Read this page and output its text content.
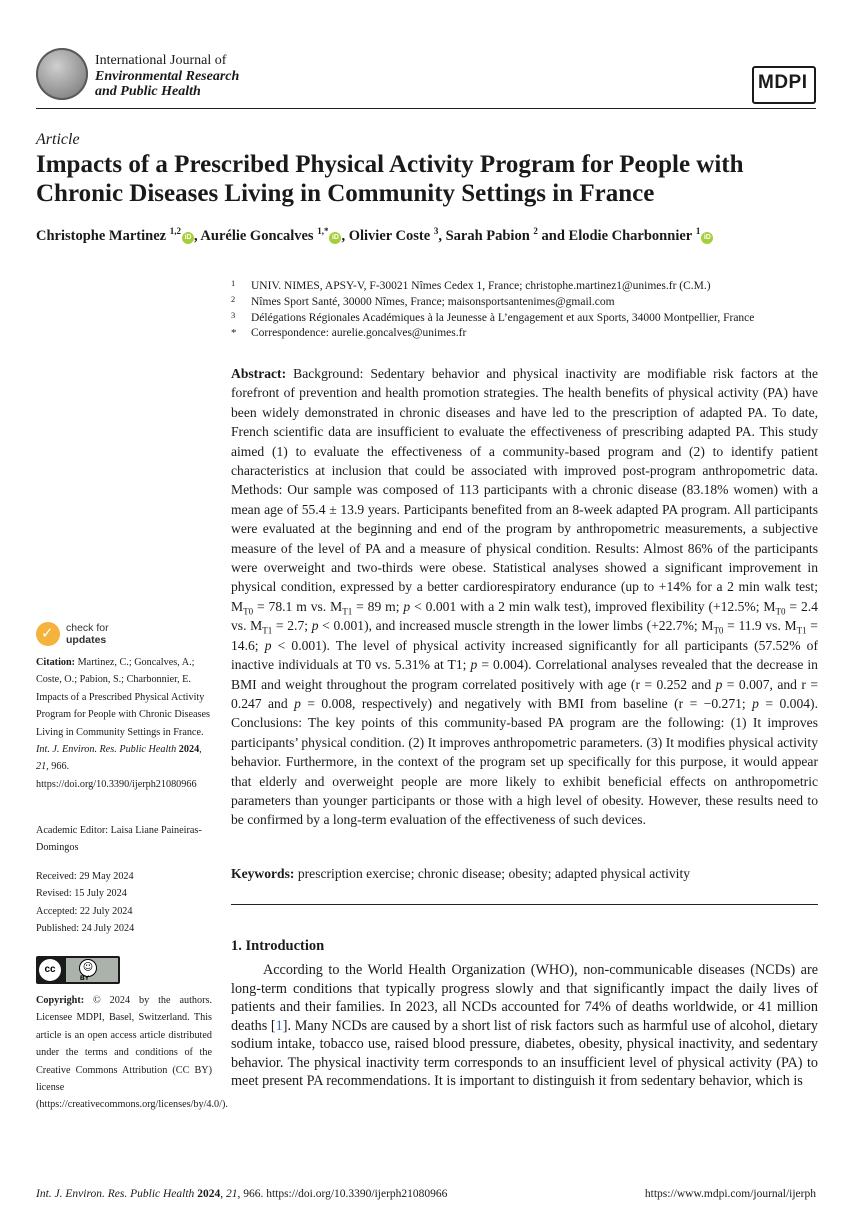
International Journal of
Environmental Research
and Public Health	MDPI
Article
Impacts of a Prescribed Physical Activity Program for People with Chronic Diseases Living in Community Settings in France
Christophe Martinez $^{1,2}$iD , Aurélie Goncalves $^{1,*}$iD , Olivier Coste $^3$, Sarah Pabion $^2$ and Elodie Charbonnier $^1$iD
1 UNIV. NIMES, APSY-V, F-30021 Nîmes Cedex 1, France; christophe.martinez1@unimes.fr (C.M.)
2 Nîmes Sport Santé, 30000 Nîmes, France; maisonsportsantenimes@gmail.com
3 Délégations Régionales Académiques à la Jeunesse à L’engagement et aux Sports, 34000 Montpellier, France
* Correspondence: aurelie.goncalves@unimes.fr

Abstract: Background: Sedentary behavior and physical inactivity are modifiable risk factors at the forefront of prevention and health promotion strategies. The health benefits of physical activity (PA) have been widely demonstrated in chronic diseases and have led to the prescription of adapted PA. To date, French scientific data are insufficient to evaluate the effectiveness of prescribing adapted PA. This study aimed (1) to evaluate the effectiveness of a community-based program and (2) to identify patient characteristics at inclusion that could be associated with improved post-program anthropometric data. Methods: Our sample was composed of 113 participants with a chronic disease (83.18% women) with a mean age of 55.4 ± 13.9 years. Participants benefited from an 8-week adapted PA program. All participants were evaluated at the beginning and end of the program by anthropometric measurements, a subjective measure of the level of PA and a measure of physical condition. Results: Almost 86% of the participants were overweight and two-thirds were obese. Statistical analyses showed a significant improvement in physical condition, expressed by a better cardiorespiratory endurance (up to +14% for a 2 min walk test; $M_{T0} = 78.1$ m vs. $M_{T1} = 89$ m; p < 0.001 with a 2 min walk test), improved flexibility (+12.5%; $M_{T0} = 2.4$ vs. $M_{T1} = 2.7$; p < 0.001), and increased muscle strength in the lower limbs (+22.7%; $M_{T0} = 11.9$ vs. $M_{T1} = 14.6$; p < 0.001). The level of physical activity increased significantly for all participants (57.52% of inactive individuals at T0 vs. 5.31% at T1; p = 0.004). Correlational analyses revealed that the decrease in BMI and weight throughout the program correlated positively with age (r = 0.252 and p = 0.007, and r = 0.247 and p = 0.008, respectively) and negatively with BMI from baseline (r = −0.271; p = 0.004). Conclusions: The key points of this community-based PA program are the following: (1) It improves participants’ physical condition. (2) It improves anthropometric parameters. (3) It modifies physical activity behavior. Furthermore, in the context of the program set up specifically for this purpose, it would appear that elderly and overweight people are more likely to exhibit beneficial effects on anthropometric parameters than younger participants or those with a high level of obesity. However, these results need to be confirmed by a long-term evaluation of the effectiveness of such devices.

Keywords: prescription exercise; chronic disease; obesity; adapted physical activity
1. Introduction

According to the World Health Organization (WHO), non-communicable diseases (NCDs) are long-term conditions that typically progress slowly and that significantly impact the daily lives of patients and their families. In 2023, all NCDs accounted for 74% of deaths worldwide, or 41 million deaths [1]. Many NCDs are caused by a short list of risk factors such as harmful use of alcohol, dietary sodium intake, tobacco use, raised blood pressure, diabetes, obesity, physical inactivity, and sedentary behavior. The physical inactivity term corresponds to an insufficient level of physical activity (PA) to meet present PA recommendations. It is important to distinguish it from sedentary behavior, which is

✓ check for
updates
Citation: Martinez, C.; Goncalves, A.; Coste, O.; Pabion, S.; Charbonnier, E. Impacts of a Prescribed Physical Activity Program for People with Chronic Diseases Living in Community Settings in France. Int. J. Environ. Res. Public Health 2024, 21, 966. https://doi.org/10.3390/ijerph21080966
Academic Editor: Laisa Liane Paineiras-Domingos
Received: 29 May 2024
Revised: 15 July 2024
Accepted: 22 July 2024
Published: 24 July 2024
cc	☺
BY
Copyright: © 2024 by the authors. Licensee MDPI, Basel, Switzerland. This article is an open access article distributed under the terms and conditions of the Creative Commons Attribution (CC BY) license (https://creativecommons.org/licenses/by/4.0/).
Int. J. Environ. Res. Public Health 2024, 21, 966. https://doi.org/10.3390/ijerph21080966	https://www.mdpi.com/journal/ijerph
